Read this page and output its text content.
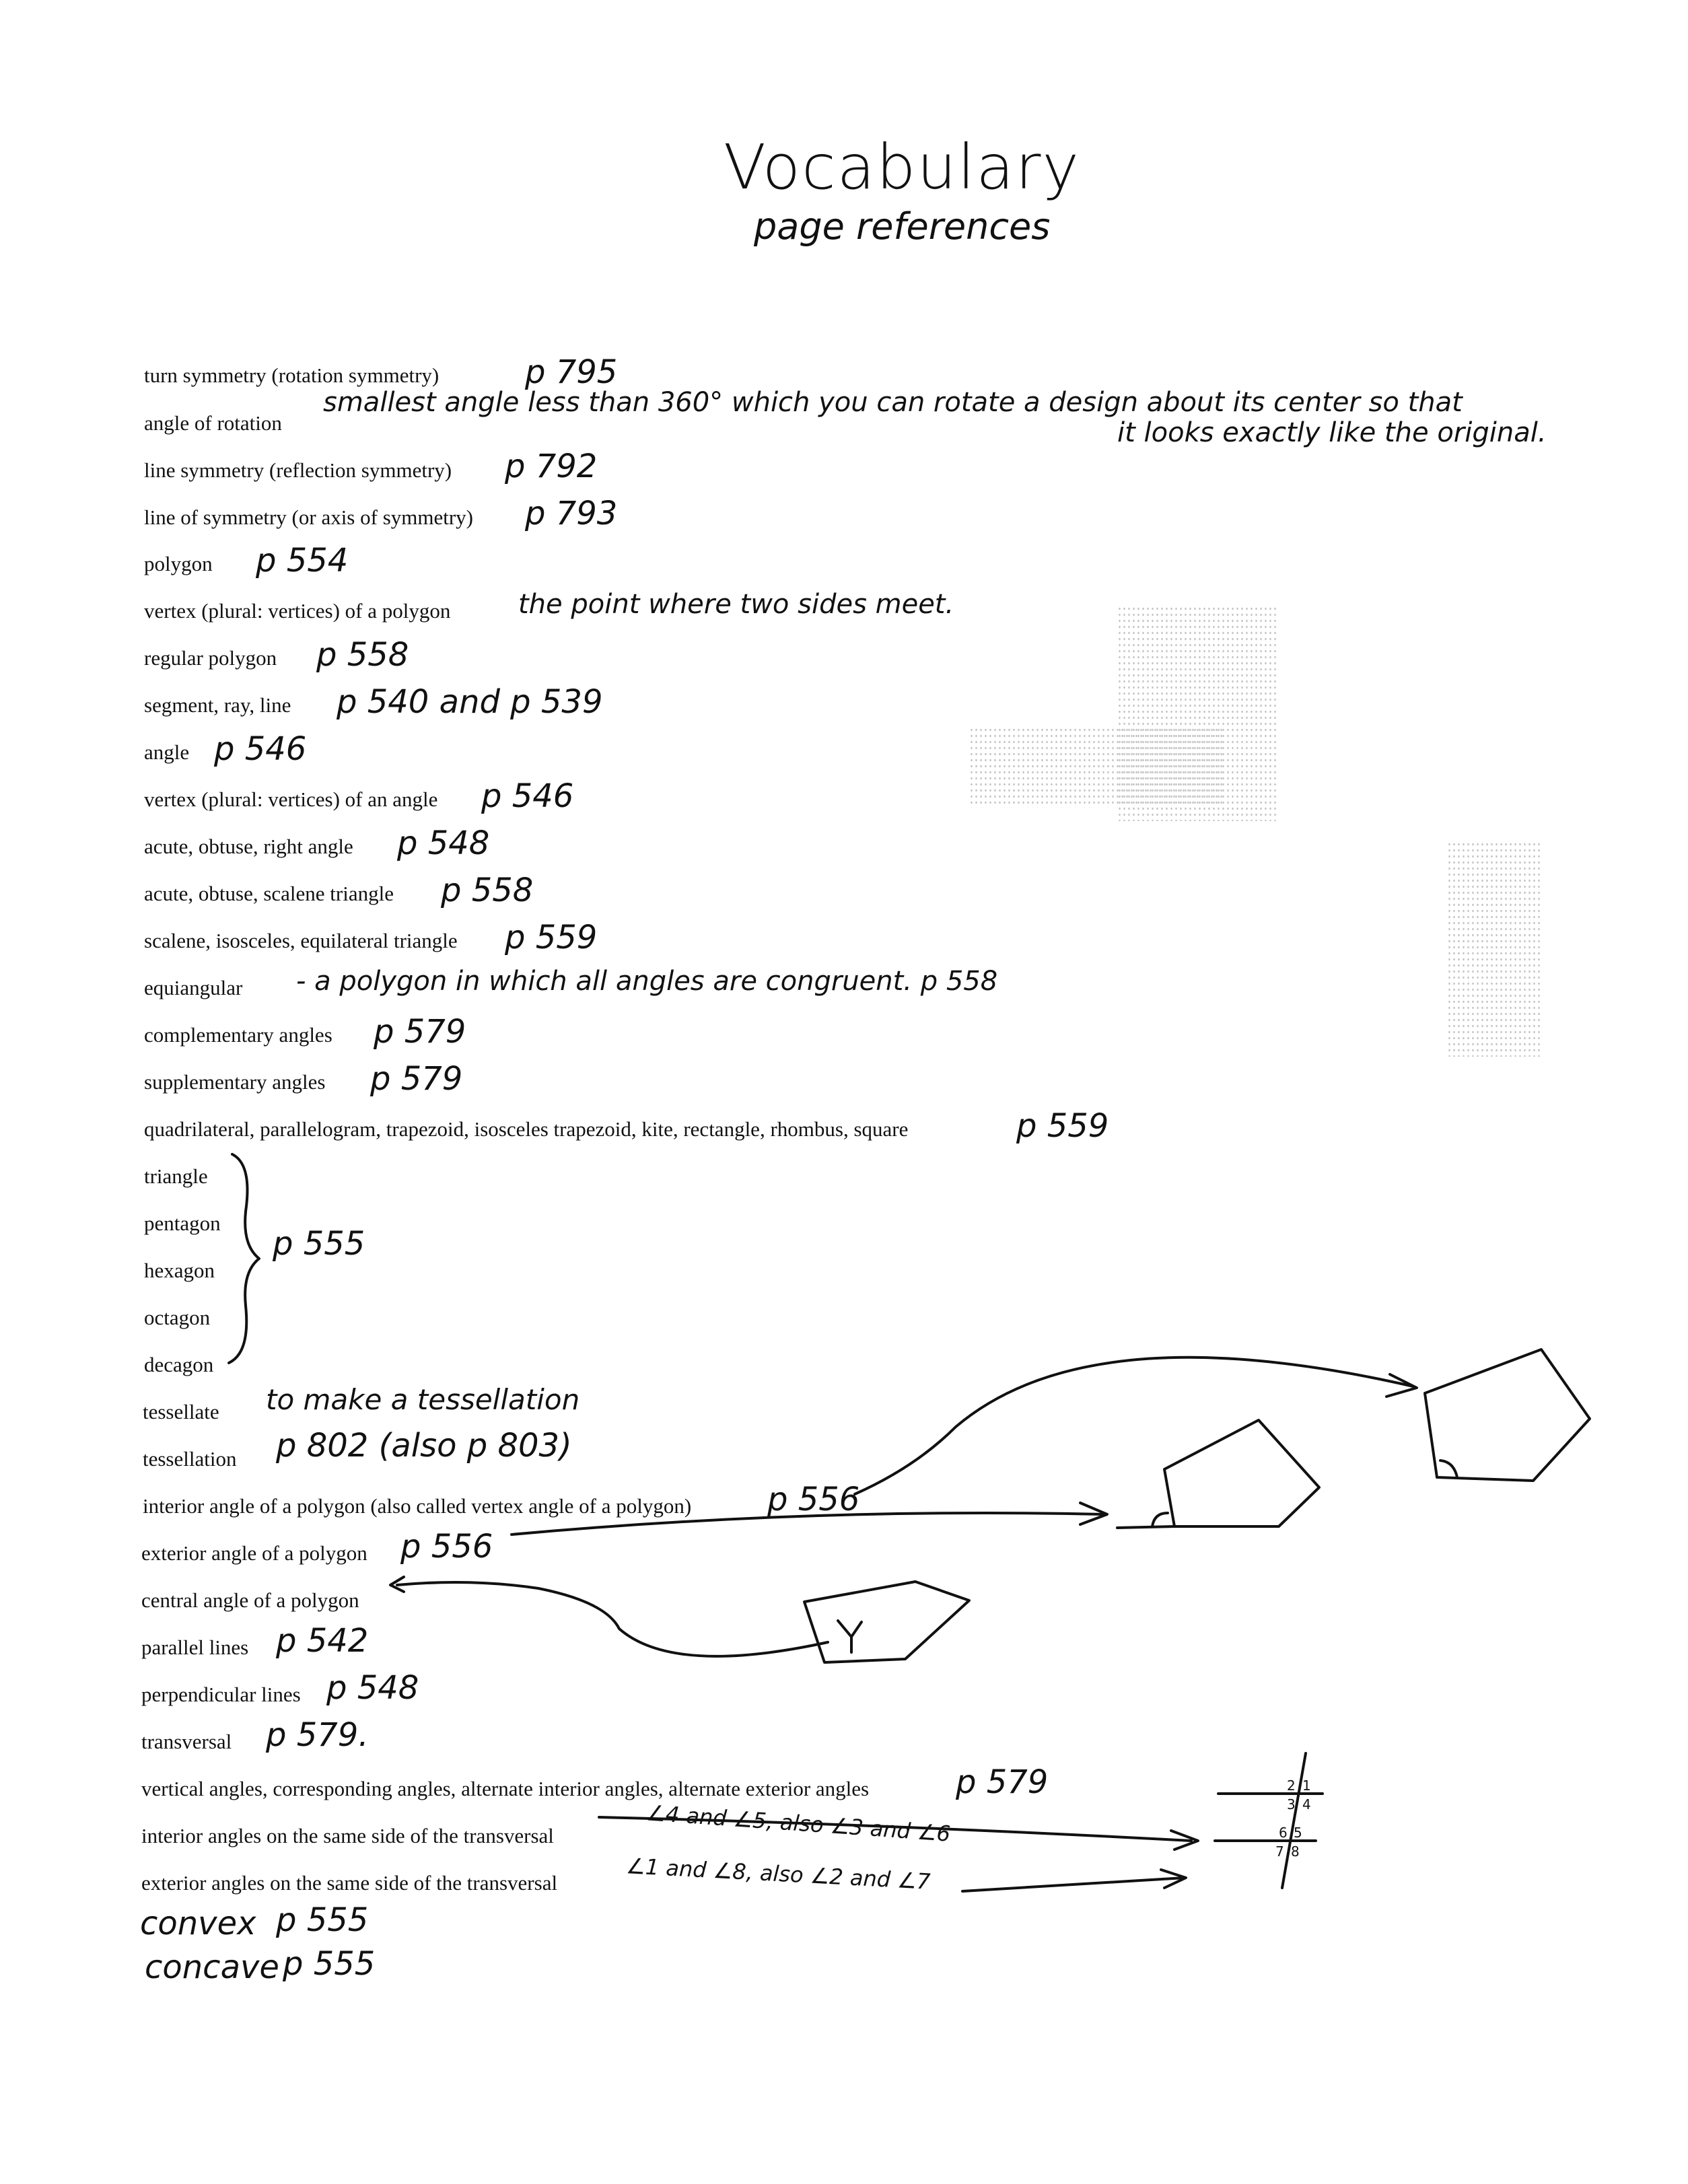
Vocabulary
page references
turn symmetry (rotation symmetry)
angle of rotation
line symmetry (reflection symmetry)
line of symmetry (or axis of symmetry)
polygon
vertex (plural: vertices) of a polygon
regular polygon
segment, ray, line
angle
vertex (plural: vertices) of an angle
acute, obtuse, right angle
acute, obtuse, scalene triangle
scalene, isosceles, equilateral triangle
equiangular
complementary angles
supplementary angles
quadrilateral, parallelogram, trapezoid, isosceles trapezoid, kite, rectangle, rhombus, square
triangle
pentagon
hexagon
octagon
decagon
tessellate
tessellation
interior angle of a polygon (also called vertex angle of a polygon)
exterior angle of a polygon
central angle of a polygon
parallel lines
perpendicular lines
transversal
vertical angles, corresponding angles, alternate interior angles, alternate exterior angles
interior angles on the same side of the transversal
exterior angles on the same side of the transversal
p 795
smallest angle less than 360° which you can rotate a design about its center so that
it looks exactly like the original.
p 792
p 793
p 554
the point where two sides meet.
p 558
p 540 and p 539
p 546
p 546
p 548
p 558
p 559
- a polygon in which all angles are congruent. p 558
p 579
p 579
p 559
p 555
to make a tessellation
p 802 (also p 803)
p 556
p 556
p 542
p 548
p 579.
p 579
∠4 and ∠5, also ∠3 and ∠6
∠1 and ∠8, also ∠2 and ∠7
convex p 555
concave p 555
2 1
3 4
6 5
7 8
